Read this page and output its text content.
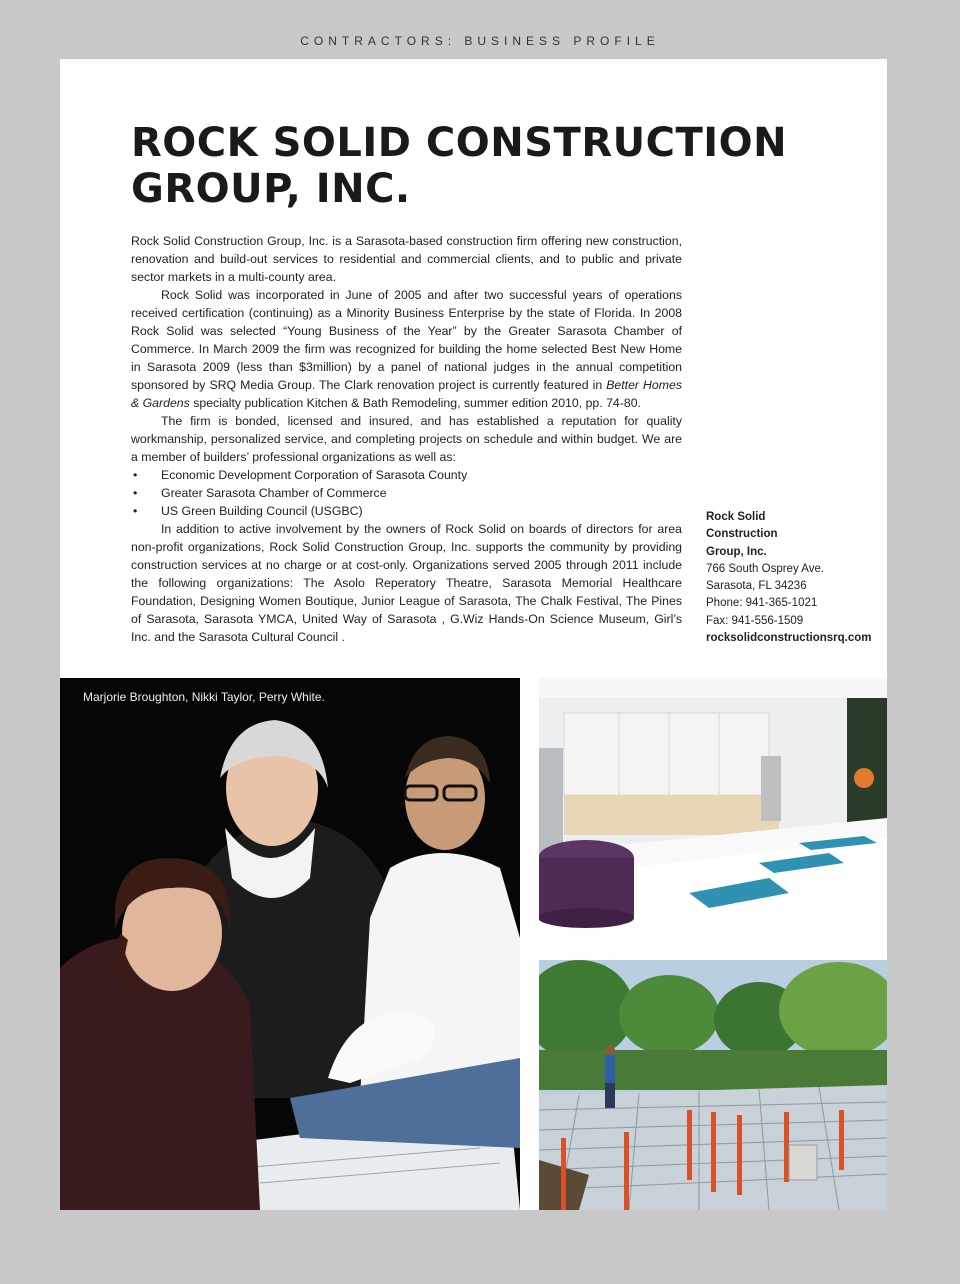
CONTRACTORS: BUSINESS PROFILE
ROCK SOLID CONSTRUCTION
GROUP, INC.

Rock Solid Construction Group, Inc. is a Sarasota-based construction firm offering new construction, renovation and build-out services to residential and commercial clients, and to public and private sector markets in a multi-county area.

Rock Solid was incorporated in June of 2005 and after two successful years of operations received certification (continuing) as a Minority Business Enterprise by the state of Florida. In 2008 Rock Solid was selected “Young Business of the Year” by the Greater Sarasota Chamber of Commerce. In March 2009 the firm was recognized for building the home selected Best New Home in Sarasota 2009 (less than $3million) by a panel of national judges in the annual competition sponsored by SRQ Media Group. The Clark renovation project is currently featured in Better Homes & Gardens specialty publication Kitchen & Bath Remodeling, summer edition 2010, pp. 74-80.

The firm is bonded, licensed and insured, and has established a reputation for quality workmanship, personalized service, and completing projects on schedule and within budget. We are a member of builders’ professional organizations as well as:

• Economic Development Corporation of Sarasota County
• Greater Sarasota Chamber of Commerce
• US Green Building Council (USGBC)

In addition to active involvement by the owners of Rock Solid on boards of directors for area non-profit organizations, Rock Solid Construction Group, Inc. supports the community by providing construction services at no charge or at cost-only. Organizations served 2005 through 2011 include the following organizations: The Asolo Reperatory Theatre, Sarasota Memorial Healthcare Foundation, Designing Women Boutique, Junior League of Sarasota, The Chalk Festival, The Pines of Sarasota, Sarasota YMCA, United Way of Sarasota , G.Wiz Hands-On Science Museum, Girl’s Inc. and the Sarasota Cultural Council .

Rock Solid
Construction
Group, Inc.
766 South Osprey Ave.
Sarasota, FL 34236
Phone: 941-365-1021
Fax: 941-556-1509
rocksolidconstructionsrq.com
Marjorie Broughton, Nikki Taylor, Perry White.
